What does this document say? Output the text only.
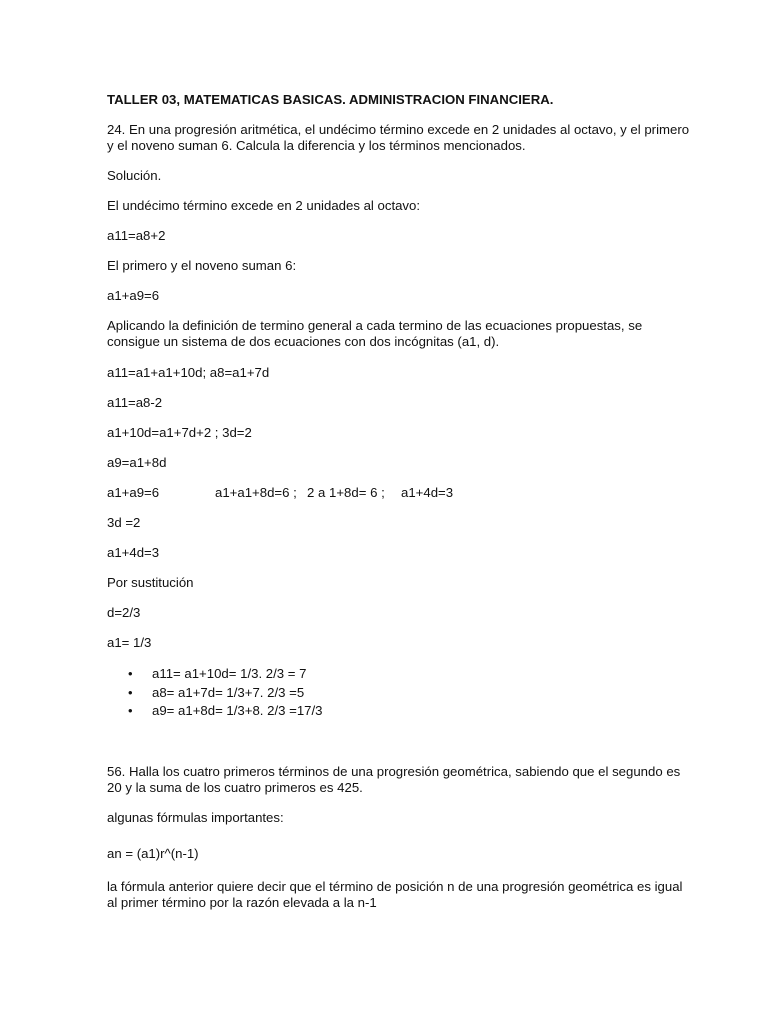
TALLER 03, MATEMATICAS BASICAS. ADMINISTRACION FINANCIERA.

24. En una progresión aritmética, el undécimo término excede en 2 unidades al octavo, y el primero

y el noveno suman 6. Calcula la diferencia y los términos mencionados.

Solución.

El undécimo término excede en 2 unidades al octavo:

a11=a8+2

El primero y el noveno suman 6:

a1+a9=6

Aplicando la definición de termino general a cada termino de las ecuaciones propuestas, se

consigue un sistema de dos ecuaciones con dos incógnitas (a1, d).

a11=a1+a1+10d; a8=a1+7d

a11=a8-2

a1+10d=a1+7d+2 ; 3d=2

a9=a1+8d

a1+a9=6	a1+a1+8d=6 ; 2 a 1+8d= 6 ; a1+4d=3

3d =2

a1+4d=3

Por sustitución

d=2/3

a1= 1/3

• a11= a1+10d= 1/3. 2/3 = 7
• a8= a1+7d= 1/3+7. 2/3 =5
• a9= a1+8d= 1/3+8. 2/3 =17/3

56. Halla los cuatro primeros términos de una progresión geométrica, sabiendo que el segundo es

20 y la suma de los cuatro primeros es 425.

algunas fórmulas importantes:

an = (a1)r^(n-1)

la fórmula anterior quiere decir que el término de posición n de una progresión geométrica es igual

al primer término por la razón elevada a la n-1
